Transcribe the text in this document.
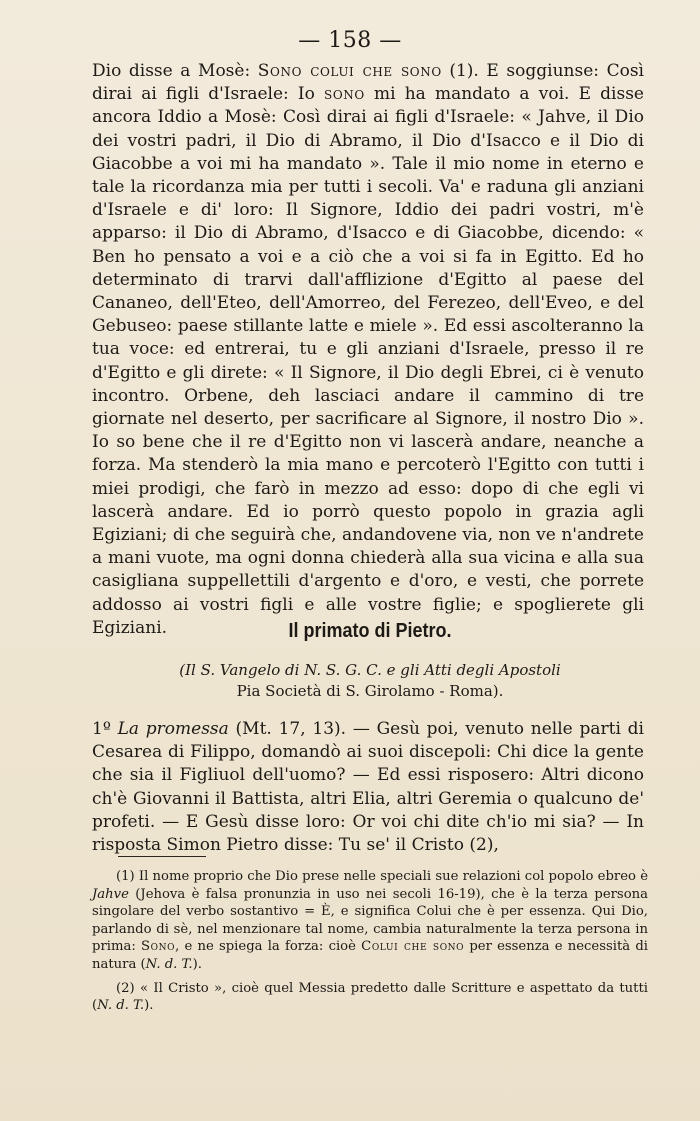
— 158 —
Dio disse a Mosè: Sono colui che sono (1). E soggiunse: Così dirai ai figli d'Israele: Io sono mi ha mandato a voi. E disse ancora Iddio a Mosè: Così dirai ai figli d'Israele: « Jahve, il Dio dei vostri padri, il Dio di Abramo, il Dio d'Isacco e il Dio di Giacobbe a voi mi ha mandato ». Tale il mio nome in eterno e tale la ricordanza mia per tutti i secoli. Va' e raduna gli anziani d'Israele e di' loro: Il Signore, Iddio dei padri vostri, m'è apparso: il Dio di Abramo, d'Isacco e di Giacobbe, dicendo: « Ben ho pensato a voi e a ciò che a voi si fa in Egitto. Ed ho determinato di trarvi dall'afflizione d'Egitto al paese del Cananeo, dell'Eteo, dell'Amorreo, del Ferezeo, dell'Eveo, e del Gebuseo: paese stillante latte e miele ». Ed essi ascolteranno la tua voce: ed entrerai, tu e gli anziani d'Israele, presso il re d'Egitto e gli direte: « Il Signore, il Dio degli Ebrei, ci è venuto incontro. Orbene, deh lasciaci andare il cammino di tre giornate nel deserto, per sacrificare al Signore, il nostro Dio ». Io so bene che il re d'Egitto non vi lascerà andare, neanche a forza. Ma stenderò la mia mano e percoterò l'Egitto con tutti i miei prodigi, che farò in mezzo ad esso: dopo di che egli vi lascerà andare. Ed io porrò questo popolo in grazia agli Egiziani; di che seguirà che, andandovene via, non ve n'andrete a mani vuote, ma ogni donna chiederà alla sua vicina e alla sua casigliana suppellettili d'argento e d'oro, e vesti, che porrete addosso ai vostri figli e alle vostre figlie; e spoglierete gli Egiziani.	Il primato di Pietro.
(Il S. Vangelo di N. S. G. C. e gli Atti degli Apostoli
Pia Società di S. Girolamo - Roma).
1º La promessa (Mt. 17, 13). — Gesù poi, venuto nelle parti di Cesarea di Filippo, domandò ai suoi discepoli: Chi dice la gente che sia il Figliuol dell'uomo? — Ed essi risposero: Altri dicono ch'è Giovanni il Battista, altri Elia, altri Geremia o qualcuno de' profeti. — E Gesù disse loro: Or voi chi dite ch'io mi sia? — In risposta Simon Pietro disse: Tu se' il Cristo (2),

(1) Il nome proprio che Dio prese nelle speciali sue relazioni col popolo ebreo è Jahve (Jehova è falsa pronunzia in uso nei secoli 16-19), che è la terza persona singolare del verbo sostantivo = È, e significa Colui che è per essenza. Qui Dio, parlando di sè, nel menzionare tal nome, cambia naturalmente la terza persona in prima: Sono, e ne spiega la forza: cioè Colui che sono per essenza e necessità di natura (N. d. T.).

(2) « Il Cristo », cioè quel Messia predetto dalle Scritture e aspettato da tutti (N. d. T.).
